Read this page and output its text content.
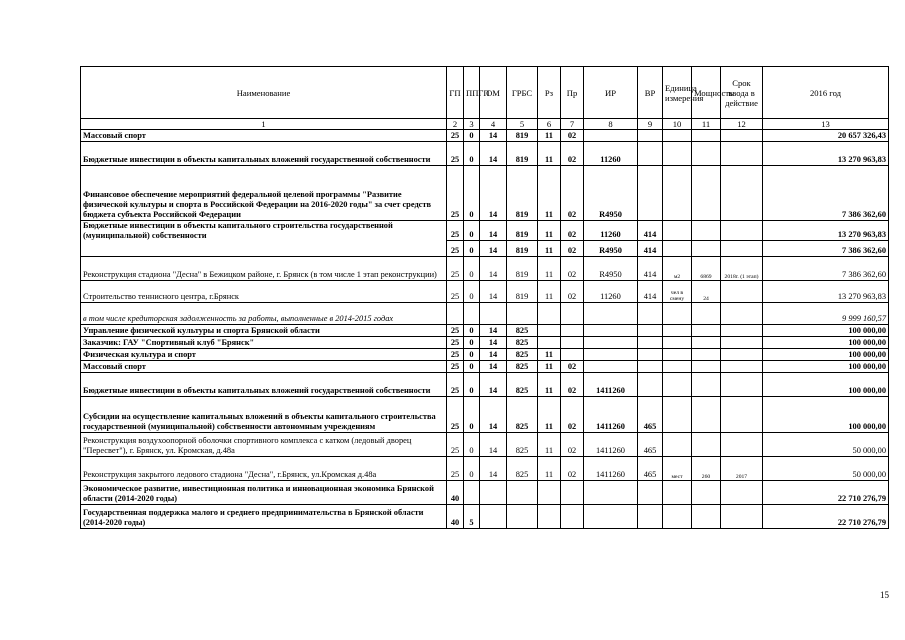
Наименование	ГП	ППГП	ОМ	ГРБС	Рз	Пр	ИР	ВР	Единица измерения	Мощность	Срок ввода в действие	2016 год
1	2	3	4	5	6	7	8	9	10	11	12	13
Массовый спорт	25	0	14	819	11	02						20 657 326,43
Бюджетные инвестиции в объекты капитальных вложений государственной собственности	25	0	14	819	11	02	11260					13 270 963,83
Финансовое обеспечение мероприятий федеральной целевой программы "Развитие физической культуры и спорта в Российской Федерации на 2016-2020 годы" за счет средств бюджета субъекта Российской Федерации	25	0	14	819	11	02	R4950					7 386 362,60
Бюджетные инвестиции в объекты капитального строительства государственной (муниципальной) собственности	25	0	14	819	11	02	11260	414				13 270 963,83
	25	0	14	819	11	02	R4950	414				7 386 362,60
Реконструкция стадиона "Десна" в Бежицком районе, г. Брянск (в том числе 1 этап реконструкции)	25	0	14	819	11	02	R4950	414	м2	6869	2018г. (1 этап)	7 386 362,60
Строительство теннисного центра, г.Брянск	25	0	14	819	11	02	11260	414	чел в смену	24		13 270 963,83
в том числе кредиторская задолженность за работы, выполненные в 2014-2015 годах												9 999 160,57
Управление физической культуры и спорта Брянской области	25	0	14	825								100 000,00
Заказчик: ГАУ "Спортивный клуб "Брянск"	25	0	14	825								100 000,00
Физическая культура и спорт	25	0	14	825	11							100 000,00
Массовый спорт	25	0	14	825	11	02						100 000,00
Бюджетные инвестиции в объекты капитальных вложений государственной собственности	25	0	14	825	11	02	1411260					100 000,00
Субсидии на осуществление капитальных вложений в объекты капитального строительства государственной (муниципальной) собственности автономным учреждениям	25	0	14	825	11	02	1411260	465				100 000,00
Реконструкция воздухоопорной оболочки спортивного комплекса с катком (ледовый дворец "Пересвет"), г. Брянск, ул. Кромская, д.48а	25	0	14	825	11	02	1411260	465				50 000,00
Реконструкция закрытого ледового стадиона "Десна", г.Брянск, ул.Кромская д.48а	25	0	14	825	11	02	1411260	465	мест	260	2017	50 000,00
Экономическое развитие, инвестиционная политика и инновационная экономика Брянской области (2014-2020 годы)	40											22 710 276,79
Государственная поддержка малого и среднего предпринимательства в Брянской области (2014-2020 годы)	40	5										22 710 276,79
15
